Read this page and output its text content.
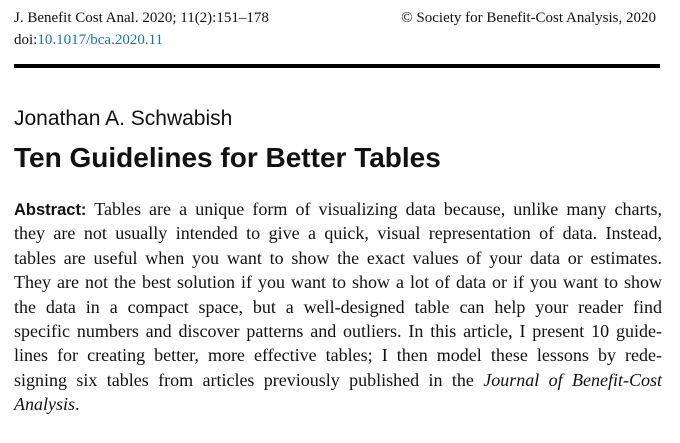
J. Benefit Cost Anal. 2020; 11(2):151–178	© Society for Benefit-Cost Analysis, 2020
doi:10.1017/bca.2020.11
Jonathan A. Schwabish
Ten Guidelines for Better Tables
Abstract: Tables are a unique form of visualizing data because, unlike many charts,
they are not usually intended to give a quick, visual representation of data. Instead,
tables are useful when you want to show the exact values of your data or estimates.
They are not the best solution if you want to show a lot of data or if you want to show
the data in a compact space, but a well-designed table can help your reader find
specific numbers and discover patterns and outliers. In this article, I present 10 guide-
lines for creating better, more effective tables; I then model these lessons by rede-
signing six tables from articles previously published in the Journal of Benefit-Cost
Analysis.
